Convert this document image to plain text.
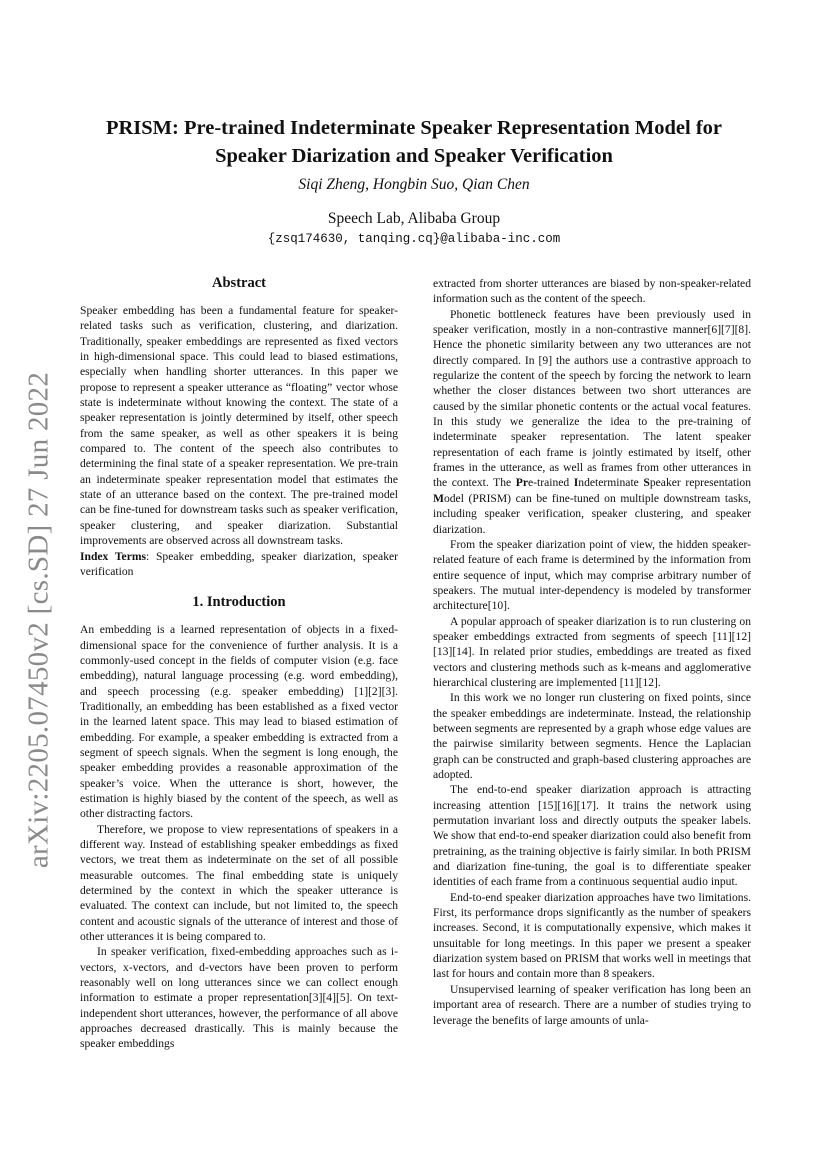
arXiv:2205.07450v2 [cs.SD] 27 Jun 2022
PRISM: Pre-trained Indeterminate Speaker Representation Model for Speaker Diarization and Speaker Verification
Siqi Zheng, Hongbin Suo, Qian Chen
Speech Lab, Alibaba Group
{zsq174630, tanqing.cq}@alibaba-inc.com
Abstract

Speaker embedding has been a fundamental feature for speaker-related tasks such as verification, clustering, and diarization. Traditionally, speaker embeddings are represented as fixed vectors in high-dimensional space. This could lead to biased estimations, especially when handling shorter utterances. In this paper we propose to represent a speaker utterance as “floating” vector whose state is indeterminate without knowing the context. The state of a speaker representation is jointly determined by itself, other speech from the same speaker, as well as other speakers it is being compared to. The content of the speech also contributes to determining the final state of a speaker representation. We pre-train an indeterminate speaker representation model that estimates the state of an utterance based on the context. The pre-trained model can be fine-tuned for downstream tasks such as speaker verification, speaker clustering, and speaker diarization. Substantial improvements are observed across all downstream tasks.

Index Terms: Speaker embedding, speaker diarization, speaker verification

1. Introduction

An embedding is a learned representation of objects in a fixed-dimensional space for the convenience of further analysis. It is a commonly-used concept in the fields of computer vision (e.g. face embedding), natural language processing (e.g. word embedding), and speech processing (e.g. speaker embedding) [1][2][3]. Traditionally, an embedding has been established as a fixed vector in the learned latent space. This may lead to biased estimation of embedding. For example, a speaker embedding is extracted from a segment of speech signals. When the segment is long enough, the speaker embedding provides a reasonable approximation of the speaker’s voice. When the utterance is short, however, the estimation is highly biased by the content of the speech, as well as other distracting factors.

Therefore, we propose to view representations of speakers in a different way. Instead of establishing speaker embeddings as fixed vectors, we treat them as indeterminate on the set of all possible measurable outcomes. The final embedding state is uniquely determined by the context in which the speaker utterance is evaluated. The context can include, but not limited to, the speech content and acoustic signals of the utterance of interest and those of other utterances it is being compared to.

In speaker verification, fixed-embedding approaches such as i-vectors, x-vectors, and d-vectors have been proven to perform reasonably well on long utterances since we can collect enough information to estimate a proper representation[3][4][5]. On text-independent short utterances, however, the performance of all above approaches decreased drastically. This is mainly because the speaker embeddings

extracted from shorter utterances are biased by non-speaker-related information such as the content of the speech.

Phonetic bottleneck features have been previously used in speaker verification, mostly in a non-contrastive manner[6][7][8]. Hence the phonetic similarity between any two utterances are not directly compared. In [9] the authors use a contrastive approach to regularize the content of the speech by forcing the network to learn whether the closer distances between two short utterances are caused by the similar phonetic contents or the actual vocal features. In this study we generalize the idea to the pre-training of indeterminate speaker representation. The latent speaker representation of each frame is jointly estimated by itself, other frames in the utterance, as well as frames from other utterances in the context. The Pre-trained Indeterminate Speaker representation Model (PRISM) can be fine-tuned on multiple downstream tasks, including speaker verification, speaker clustering, and speaker diarization.

From the speaker diarization point of view, the hidden speaker-related feature of each frame is determined by the information from entire sequence of input, which may comprise arbitrary number of speakers. The mutual inter-dependency is modeled by transformer architecture[10].

A popular approach of speaker diarization is to run clustering on speaker embeddings extracted from segments of speech [11][12][13][14]. In related prior studies, embeddings are treated as fixed vectors and clustering methods such as k-means and agglomerative hierarchical clustering are implemented [11][12].

In this work we no longer run clustering on fixed points, since the speaker embeddings are indeterminate. Instead, the relationship between segments are represented by a graph whose edge values are the pairwise similarity between segments. Hence the Laplacian graph can be constructed and graph-based clustering approaches are adopted.

The end-to-end speaker diarization approach is attracting increasing attention [15][16][17]. It trains the network using permutation invariant loss and directly outputs the speaker labels. We show that end-to-end speaker diarization could also benefit from pretraining, as the training objective is fairly similar. In both PRISM and diarization fine-tuning, the goal is to differentiate speaker identities of each frame from a continuous sequential audio input.

End-to-end speaker diarization approaches have two limitations. First, its performance drops significantly as the number of speakers increases. Second, it is computationally expensive, which makes it unsuitable for long meetings. In this paper we present a speaker diarization system based on PRISM that works well in meetings that last for hours and contain more than 8 speakers.

Unsupervised learning of speaker verification has long been an important area of research. There are a number of studies trying to leverage the benefits of large amounts of unla-
